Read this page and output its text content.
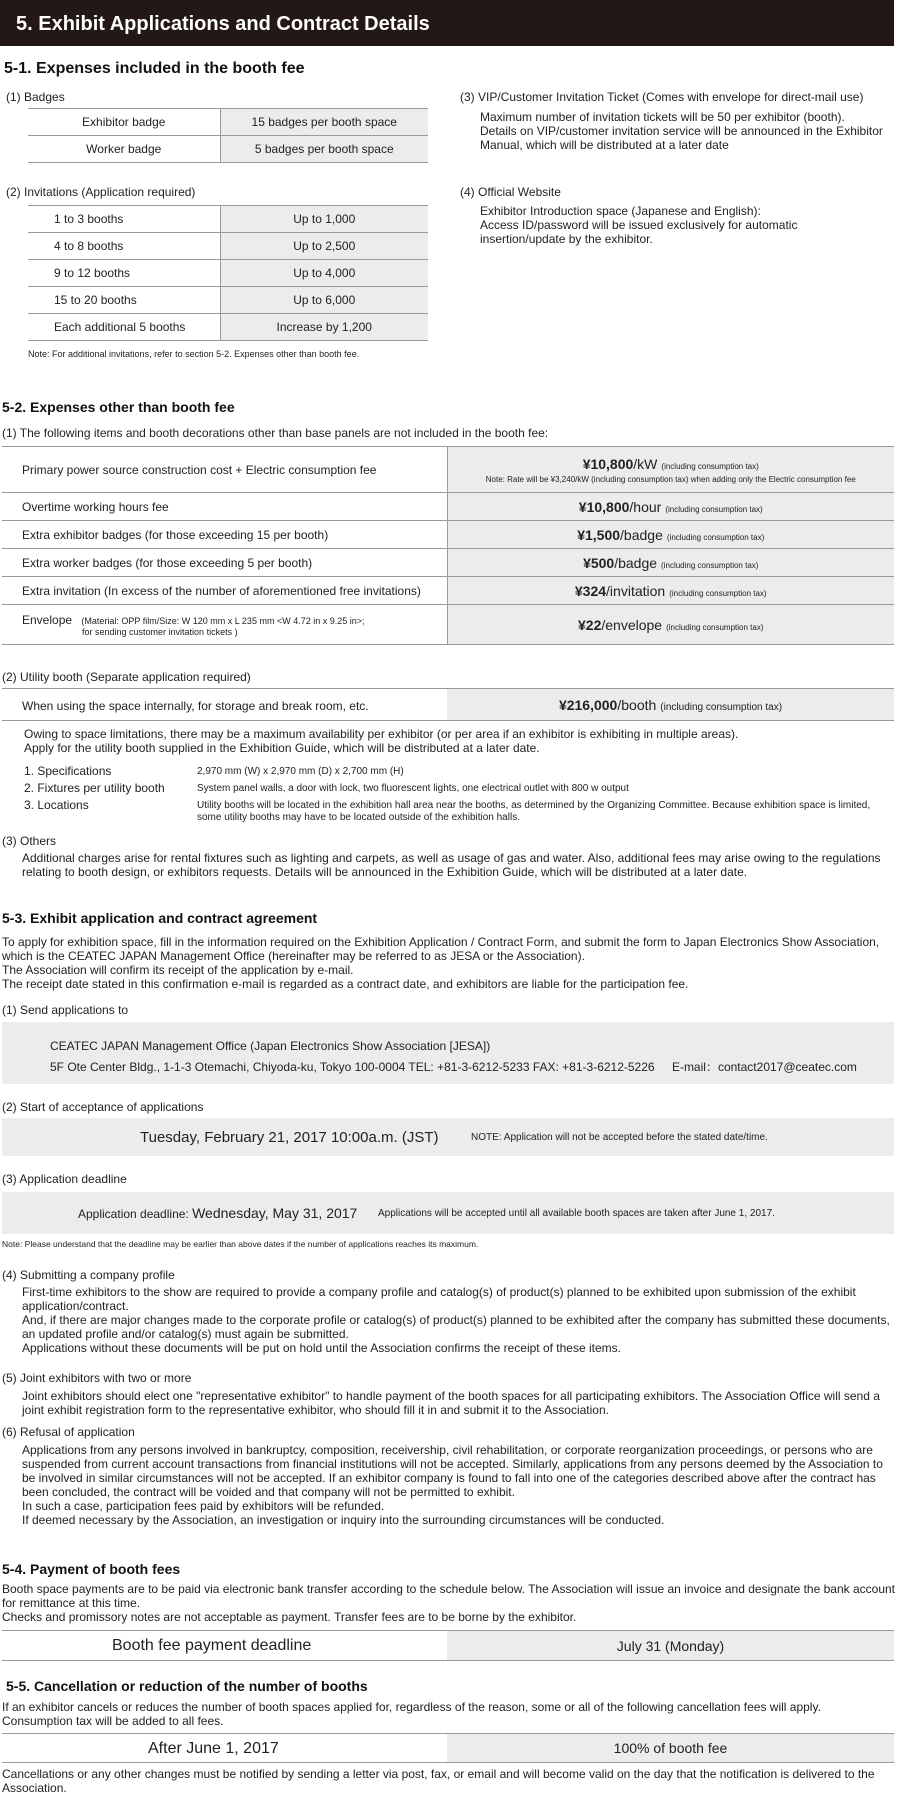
5. Exhibit Applications and Contract Details
5-1. Expenses included in the booth fee
(1) Badges
Exhibitor badge	15 badges per booth space
Worker badge	5 badges per booth space
(2) Invitations (Application required)
1 to 3 booths	Up to 1,000
4 to 8 booths	Up to 2,500
9 to 12 booths	Up to 4,000
15 to 20 booths	Up to 6,000
Each additional 5 booths	Increase by 1,200
Note: For additional invitations, refer to section 5-2. Expenses other than booth fee.
(3) VIP/Customer Invitation Ticket (Comes with envelope for direct-mail use)
Maximum number of invitation tickets will be 50 per exhibitor (booth).
Details on VIP/customer invitation service will be announced in the Exhibitor
Manual, which will be distributed at a later date
(4) Official Website
Exhibitor Introduction space (Japanese and English):
Access ID/password will be issued exclusively for automatic
insertion/update by the exhibitor.
5-2. Expenses other than booth fee
(1) The following items and booth decorations other than base panels are not included in the booth fee:
Primary power source construction cost + Electric consumption fee	¥10,800/kW (including consumption tax)
Note: Rate will be ¥3,240/kW (including consumption tax) when adding only the Electric consumption fee

Overtime working hours fee	¥10,800/hour (including consumption tax)
Extra exhibitor badges (for those exceeding 15 per booth)	¥1,500/badge (including consumption tax)
Extra worker badges (for those exceeding 5 per booth)	¥500/badge (including consumption tax)
Extra invitation (In excess of the number of aforementioned free invitations)	¥324/invitation (including consumption tax)
Envelope (Material: OPP film/Size: W 120 mm x L 235 mm <W 4.72 in x 9.25 in>;
for sending customer invitation tickets )	¥22/envelope (including consumption tax)
(2) Utility booth (Separate application required)
When using the space internally, for storage and break room, etc.	¥216,000/booth (including consumption tax)
Owing to space limitations, there may be a maximum availability per exhibitor (or per area if an exhibitor is exhibiting in multiple areas).
Apply for the utility booth supplied in the Exhibition Guide, which will be distributed at a later date.
1. Specifications	2,970 mm (W) x 2,970 mm (D) x 2,700 mm (H)
2. Fixtures per utility booth	System panel walls, a door with lock, two fluorescent lights, one electrical outlet with 800 w output
3. Locations	Utility booths will be located in the exhibition hall area near the booths, as determined by the Organizing Committee. Because exhibition space is limited, some utility booths may have to be located outside of the exhibition halls.
(3) Others
Additional charges arise for rental fixtures such as lighting and carpets, as well as usage of gas and water. Also, additional fees may arise owing to the regulations relating to booth design, or exhibitors requests. Details will be announced in the Exhibition Guide, which will be distributed at a later date.
5-3. Exhibit application and contract agreement
To apply for exhibition space, fill in the information required on the Exhibition Application / Contract Form, and submit the form to Japan Electronics Show Association, which is the CEATEC JAPAN Management Office (hereinafter may be referred to as JESA or the Association).
The Association will confirm its receipt of the application by e-mail.
The receipt date stated in this confirmation e-mail is regarded as a contract date, and exhibitors are liable for the participation fee.
(1) Send applications to
CEATEC JAPAN Management Office (Japan Electronics Show Association [JESA])
5F Ote Center Bldg., 1-1-3 Otemachi, Chiyoda-ku, Tokyo 100-0004 TEL: +81-3-6212-5233 FAX: +81-3-6212-5226 E-mail：contact2017@ceatec.com
(2) Start of acceptance of applications
Tuesday, February 21, 2017 10:00a.m. (JST)	NOTE: Application will not be accepted before the stated date/time.
(3) Application deadline
Application deadline: Wednesday, May 31, 2017 Applications will be accepted until all available booth spaces are taken after June 1, 2017.
Note: Please understand that the deadline may be earlier than above dates if the number of applications reaches its maximum.
(4) Submitting a company profile
First-time exhibitors to the show are required to provide a company profile and catalog(s) of product(s) planned to be exhibited upon submission of the exhibit application/contract.
And, if there are major changes made to the corporate profile or catalog(s) of product(s) planned to be exhibited after the company has submitted these documents, an updated profile and/or catalog(s) must again be submitted.
Applications without these documents will be put on hold until the Association confirms the receipt of these items.
(5) Joint exhibitors with two or more
Joint exhibitors should elect one "representative exhibitor" to handle payment of the booth spaces for all participating exhibitors. The Association Office will send a joint exhibit registration form to the representative exhibitor, who should fill it in and submit it to the Association.
(6) Refusal of application
Applications from any persons involved in bankruptcy, composition, receivership, civil rehabilitation, or corporate reorganization proceedings, or persons who are suspended from current account transactions from financial institutions will not be accepted. Similarly, applications from any persons deemed by the Association to be involved in similar circumstances will not be accepted. If an exhibitor company is found to fall into one of the categories described above after the contract has been concluded, the contract will be voided and that company will not be permitted to exhibit.
In such a case, participation fees paid by exhibitors will be refunded.
If deemed necessary by the Association, an investigation or inquiry into the surrounding circumstances will be conducted.
5-4. Payment of booth fees
Booth space payments are to be paid via electronic bank transfer according to the schedule below. The Association will issue an invoice and designate the bank account for remittance at this time.
Checks and promissory notes are not acceptable as payment. Transfer fees are to be borne by the exhibitor.
Booth fee payment deadline	July 31 (Monday)
5-5. Cancellation or reduction of the number of booths
If an exhibitor cancels or reduces the number of booth spaces applied for, regardless of the reason, some or all of the following cancellation fees will apply.
Consumption tax will be added to all fees.
After June 1, 2017	100% of booth fee
Cancellations or any other changes must be notified by sending a letter via post, fax, or email and will become valid on the day that the notification is delivered to the Association.
